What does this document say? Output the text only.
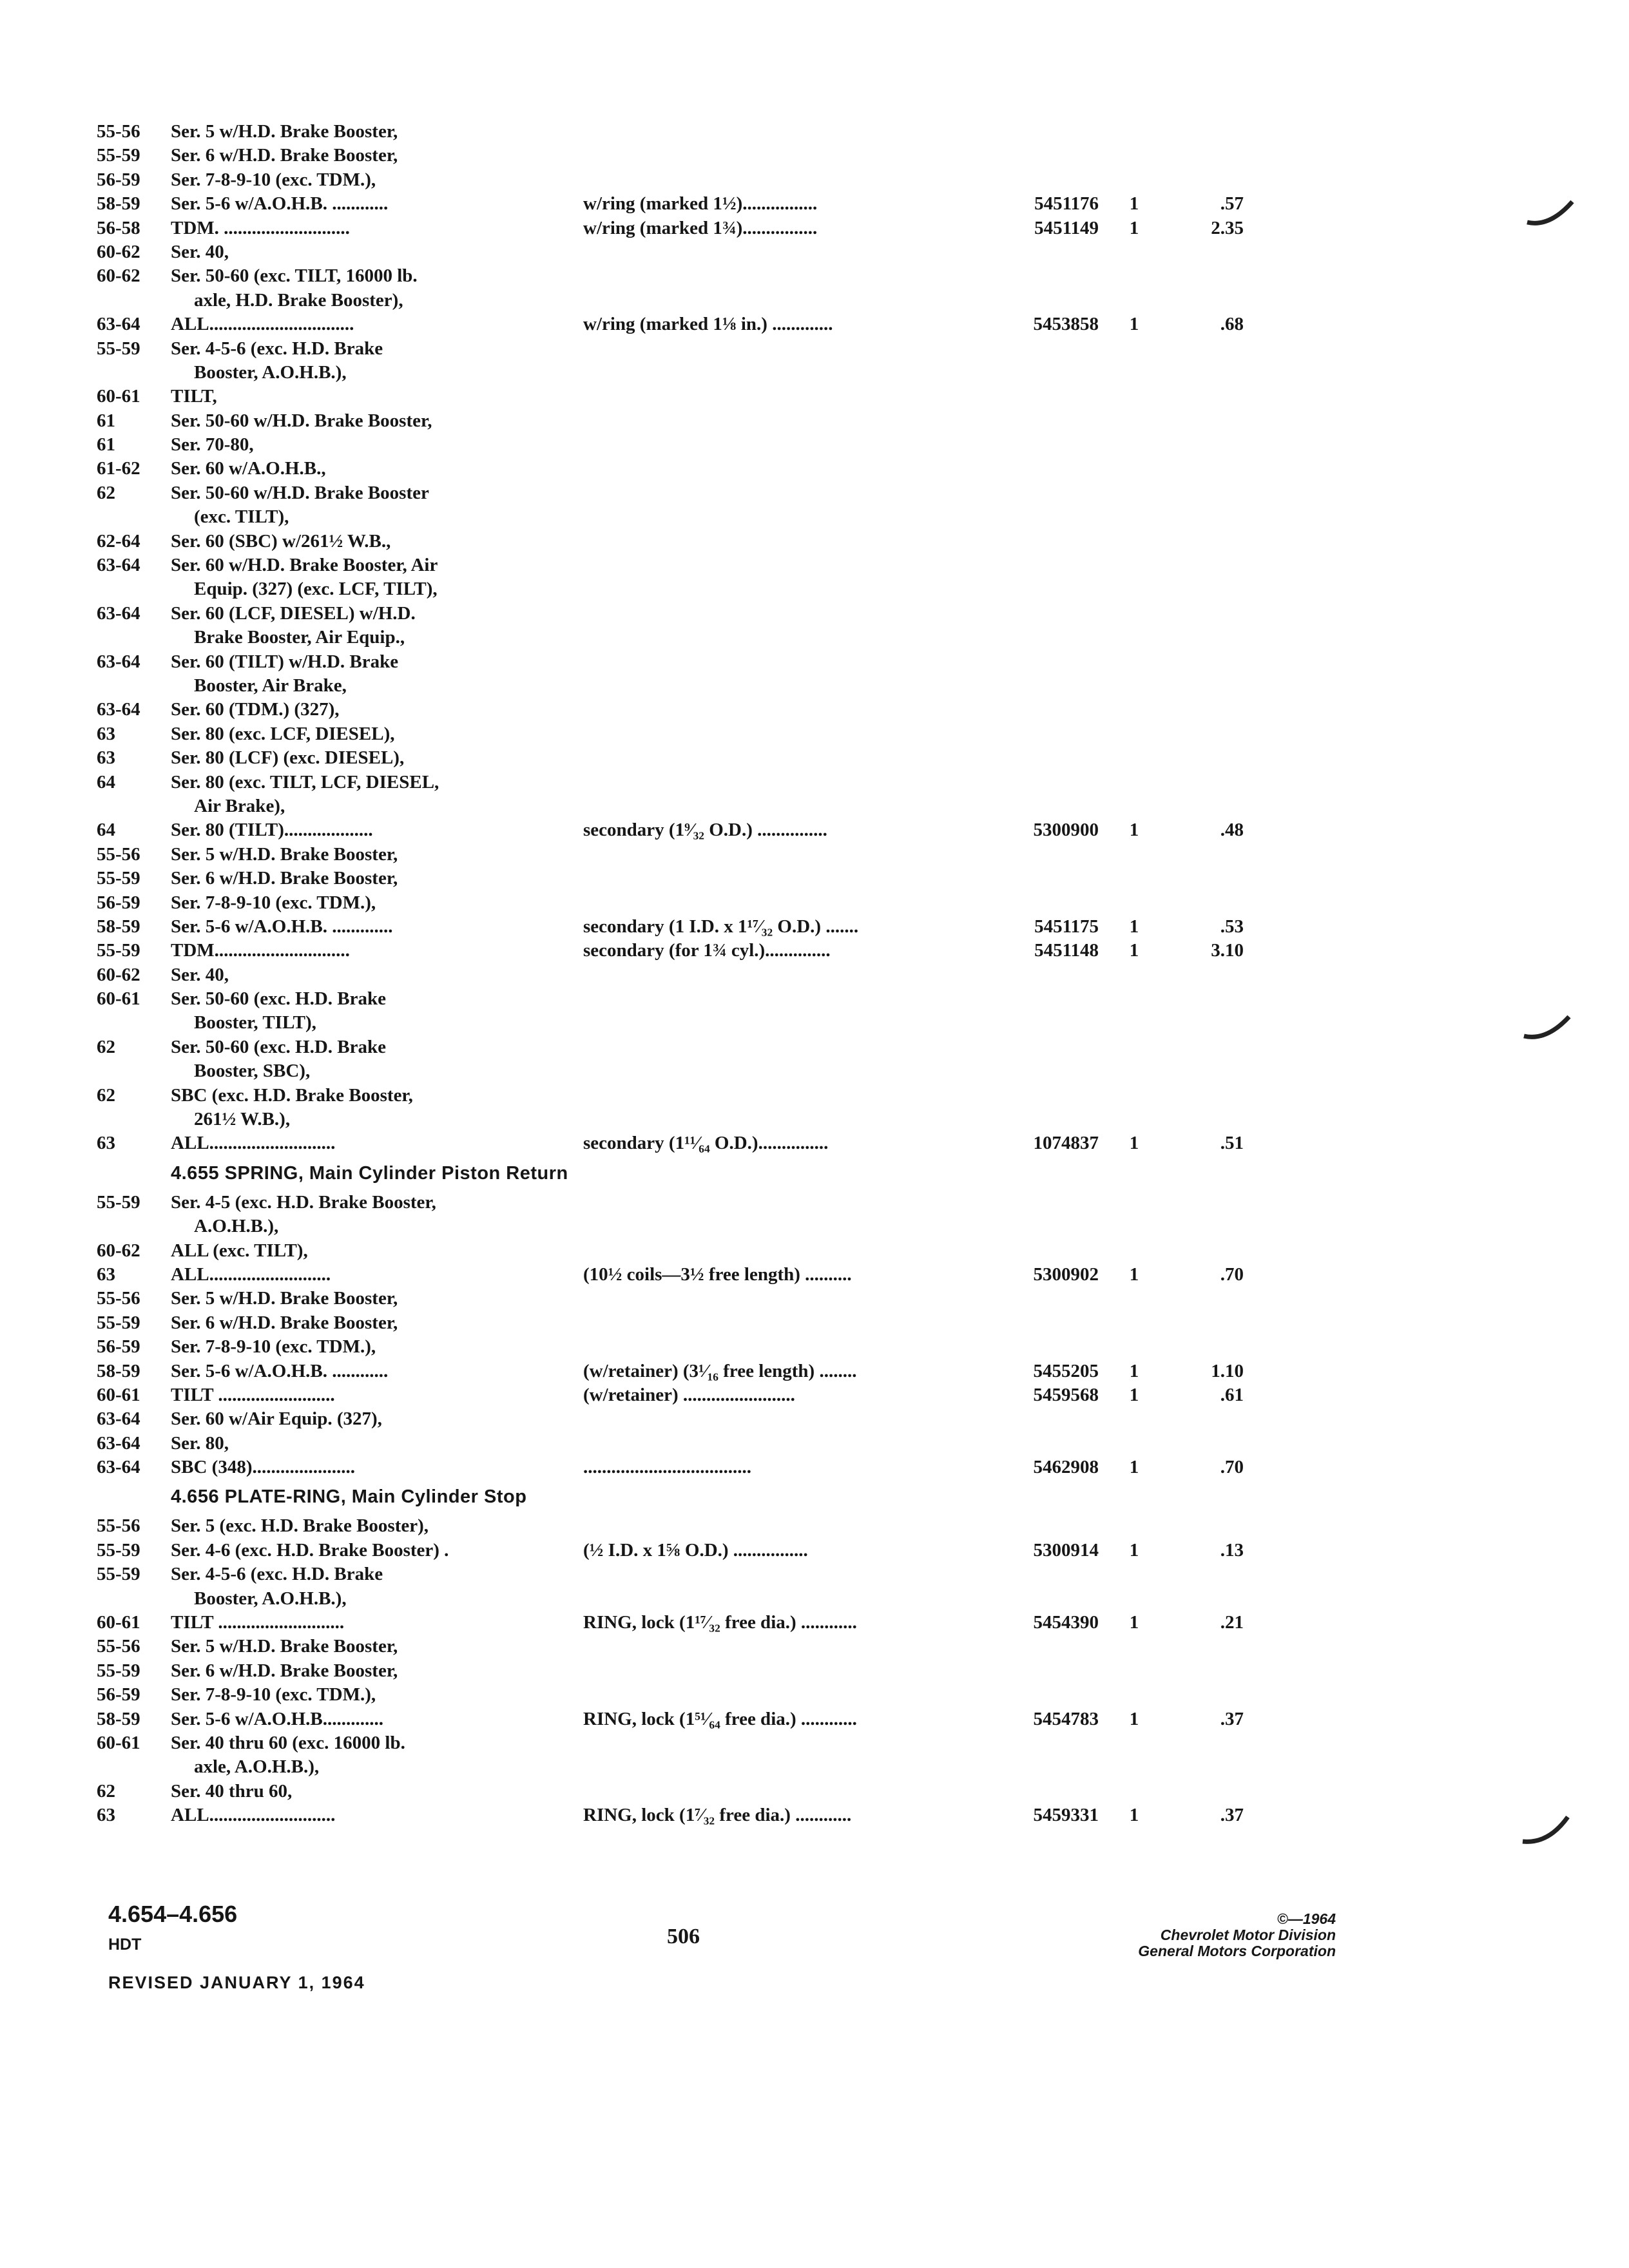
55-56	Ser. 5 w/H.D. Brake Booster,
55-59	Ser. 6 w/H.D. Brake Booster,
56-59	Ser. 7-8-9-10 (exc. TDM.),
58-59	Ser. 5-6 w/A.O.H.B. ............	w/ring (marked 1½)................	5451176	1	.57
56-58	TDM. ...........................	w/ring (marked 1¾)................	5451149	1	2.35
60-62	Ser. 40,
60-62	Ser. 50-60 (exc. TILT, 16000 lb.
axle, H.D. Brake Booster),
63-64	ALL...............................	w/ring (marked 1⅛ in.) .............	5453858	1	.68
55-59	Ser. 4-5-6 (exc. H.D. Brake
Booster, A.O.H.B.),
60-61	TILT,
61	Ser. 50-60 w/H.D. Brake Booster,
61	Ser. 70-80,
61-62	Ser. 60 w/A.O.H.B.,
62	Ser. 50-60 w/H.D. Brake Booster
(exc. TILT),
62-64	Ser. 60 (SBC) w/261½ W.B.,
63-64	Ser. 60 w/H.D. Brake Booster, Air
Equip. (327) (exc. LCF, TILT),
63-64	Ser. 60 (LCF, DIESEL) w/H.D.
Brake Booster, Air Equip.,
63-64	Ser. 60 (TILT) w/H.D. Brake
Booster, Air Brake,
63-64	Ser. 60 (TDM.) (327),
63	Ser. 80 (exc. LCF, DIESEL),
63	Ser. 80 (LCF) (exc. DIESEL),
64	Ser. 80 (exc. TILT, LCF, DIESEL,
Air Brake),
64	Ser. 80 (TILT)...................	secondary (1⁹⁄₃₂ O.D.) ...............	5300900	1	.48
55-56	Ser. 5 w/H.D. Brake Booster,
55-59	Ser. 6 w/H.D. Brake Booster,
56-59	Ser. 7-8-9-10 (exc. TDM.),
58-59	Ser. 5-6 w/A.O.H.B. .............	secondary (1 I.D. x 1¹⁷⁄₃₂ O.D.) .......	5451175	1	.53
55-59	TDM.............................	secondary (for 1¾ cyl.)..............	5451148	1	3.10
60-62	Ser. 40,
60-61	Ser. 50-60 (exc. H.D. Brake
Booster, TILT),
62	Ser. 50-60 (exc. H.D. Brake
Booster, SBC),
62	SBC (exc. H.D. Brake Booster,
261½ W.B.),
63	ALL...........................	secondary (1¹¹⁄₆₄ O.D.)...............	1074837	1	.51
4.655 SPRING, Main Cylinder Piston Return
55-59	Ser. 4-5 (exc. H.D. Brake Booster,
A.O.H.B.),
60-62	ALL (exc. TILT),
63	ALL..........................	(10½ coils—3½ free length) ..........	5300902	1	.70
55-56	Ser. 5 w/H.D. Brake Booster,
55-59	Ser. 6 w/H.D. Brake Booster,
56-59	Ser. 7-8-9-10 (exc. TDM.),
58-59	Ser. 5-6 w/A.O.H.B. ............	(w/retainer) (3¹⁄₁₆ free length) ........	5455205	1	1.10
60-61	TILT .........................	(w/retainer) ........................	5459568	1	.61
63-64	Ser. 60 w/Air Equip. (327),
63-64	Ser. 80,
63-64	SBC (348)......................	....................................	5462908	1	.70
4.656 PLATE-RING, Main Cylinder Stop
55-56	Ser. 5 (exc. H.D. Brake Booster),
55-59	Ser. 4-6 (exc. H.D. Brake Booster) .	(½ I.D. x 1⅝ O.D.) ................	5300914	1	.13
55-59	Ser. 4-5-6 (exc. H.D. Brake
Booster, A.O.H.B.),
60-61	TILT ...........................	RING, lock (1¹⁷⁄₃₂ free dia.) ............	5454390	1	.21
55-56	Ser. 5 w/H.D. Brake Booster,
55-59	Ser. 6 w/H.D. Brake Booster,
56-59	Ser. 7-8-9-10 (exc. TDM.),
58-59	Ser. 5-6 w/A.O.H.B.............	RING, lock (1⁵¹⁄₆₄ free dia.) ............	5454783	1	.37
60-61	Ser. 40 thru 60 (exc. 16000 lb.
axle, A.O.H.B.),
62	Ser. 40 thru 60,
63	ALL...........................	RING, lock (1⁷⁄₃₂ free dia.) ............	5459331	1	.37
4.654–4.656
HDT	506
REVISED JANUARY 1, 1964
©—1964
Chevrolet Motor Division
General Motors Corporation
